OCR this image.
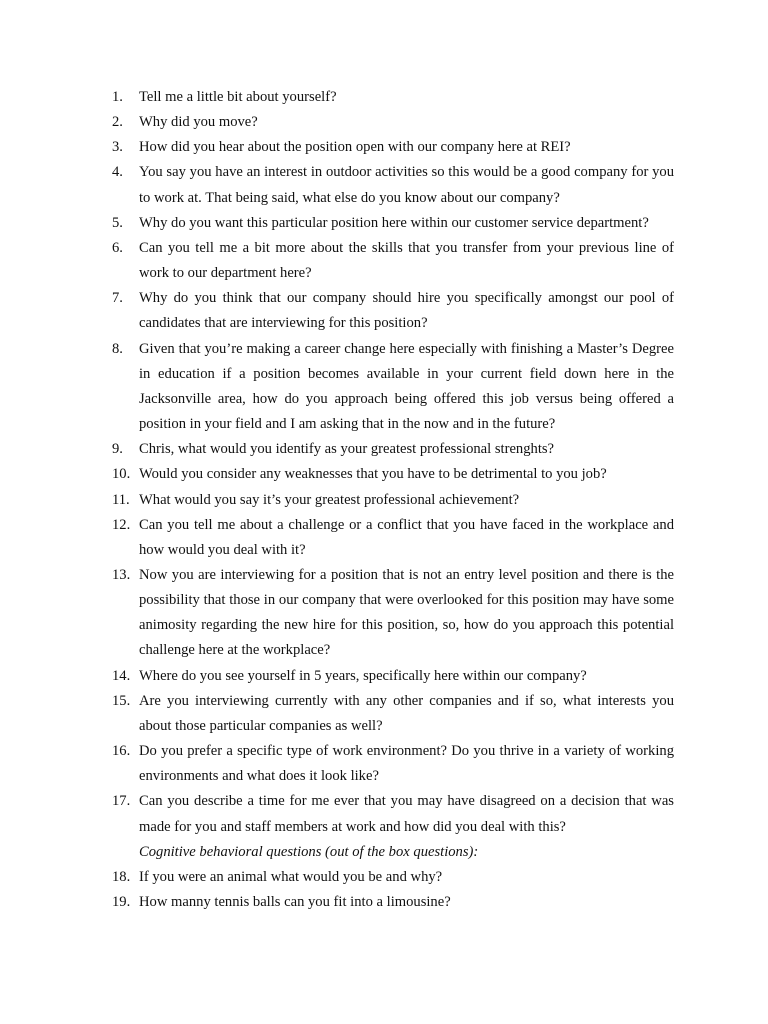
1.	Tell me a little bit about yourself?
2.	Why did you move?
3.	How did you hear about the position open with our company here at REI?
4.	You say you have an interest in outdoor activities so this would be a good company for you to work at. That being said, what else do you know about our company?
5.	Why do you want this particular position here within our customer service department?
6.	Can you tell me a bit more about the skills that you transfer from your previous line of work to our department here?
7.	Why do you think that our company should hire you specifically amongst our pool of candidates that are interviewing for this position?
8.	Given that you’re making a career change here especially with finishing a Master’s Degree in education if a position becomes available in your current field down here in the Jacksonville area, how do you approach being offered this job versus being offered a position in your field and I am asking that in the now and in the future?
9.	Chris, what would you identify as your greatest professional strenghts?
10. Would you consider any weaknesses that you have to be detrimental to you job?
11. What would you say it’s your greatest professional achievement?
12. Can you tell me about a challenge or a conflict that you have faced in the workplace and how would you deal with it?
13. Now you are interviewing for a position that is not an entry level position and there is the possibility that those in our company that were overlooked for this position may have some animosity regarding the new hire for this position, so, how do you approach this potential challenge here at the workplace?
14. Where do you see yourself in 5 years, specifically here within our company?
15. Are you interviewing currently with any other companies and if so, what interests you about those particular companies as well?
16. Do you prefer a specific type of work environment? Do you thrive in a variety of working environments and what does it look like?
17. Can you describe a time for me ever that you may have disagreed on a decision that was made for you and staff members at work and how did you deal with this?
Cognitive behavioral questions (out of the box questions):
18. If you were an animal what would you be and why?
19. How manny tennis balls can you fit into a limousine?
